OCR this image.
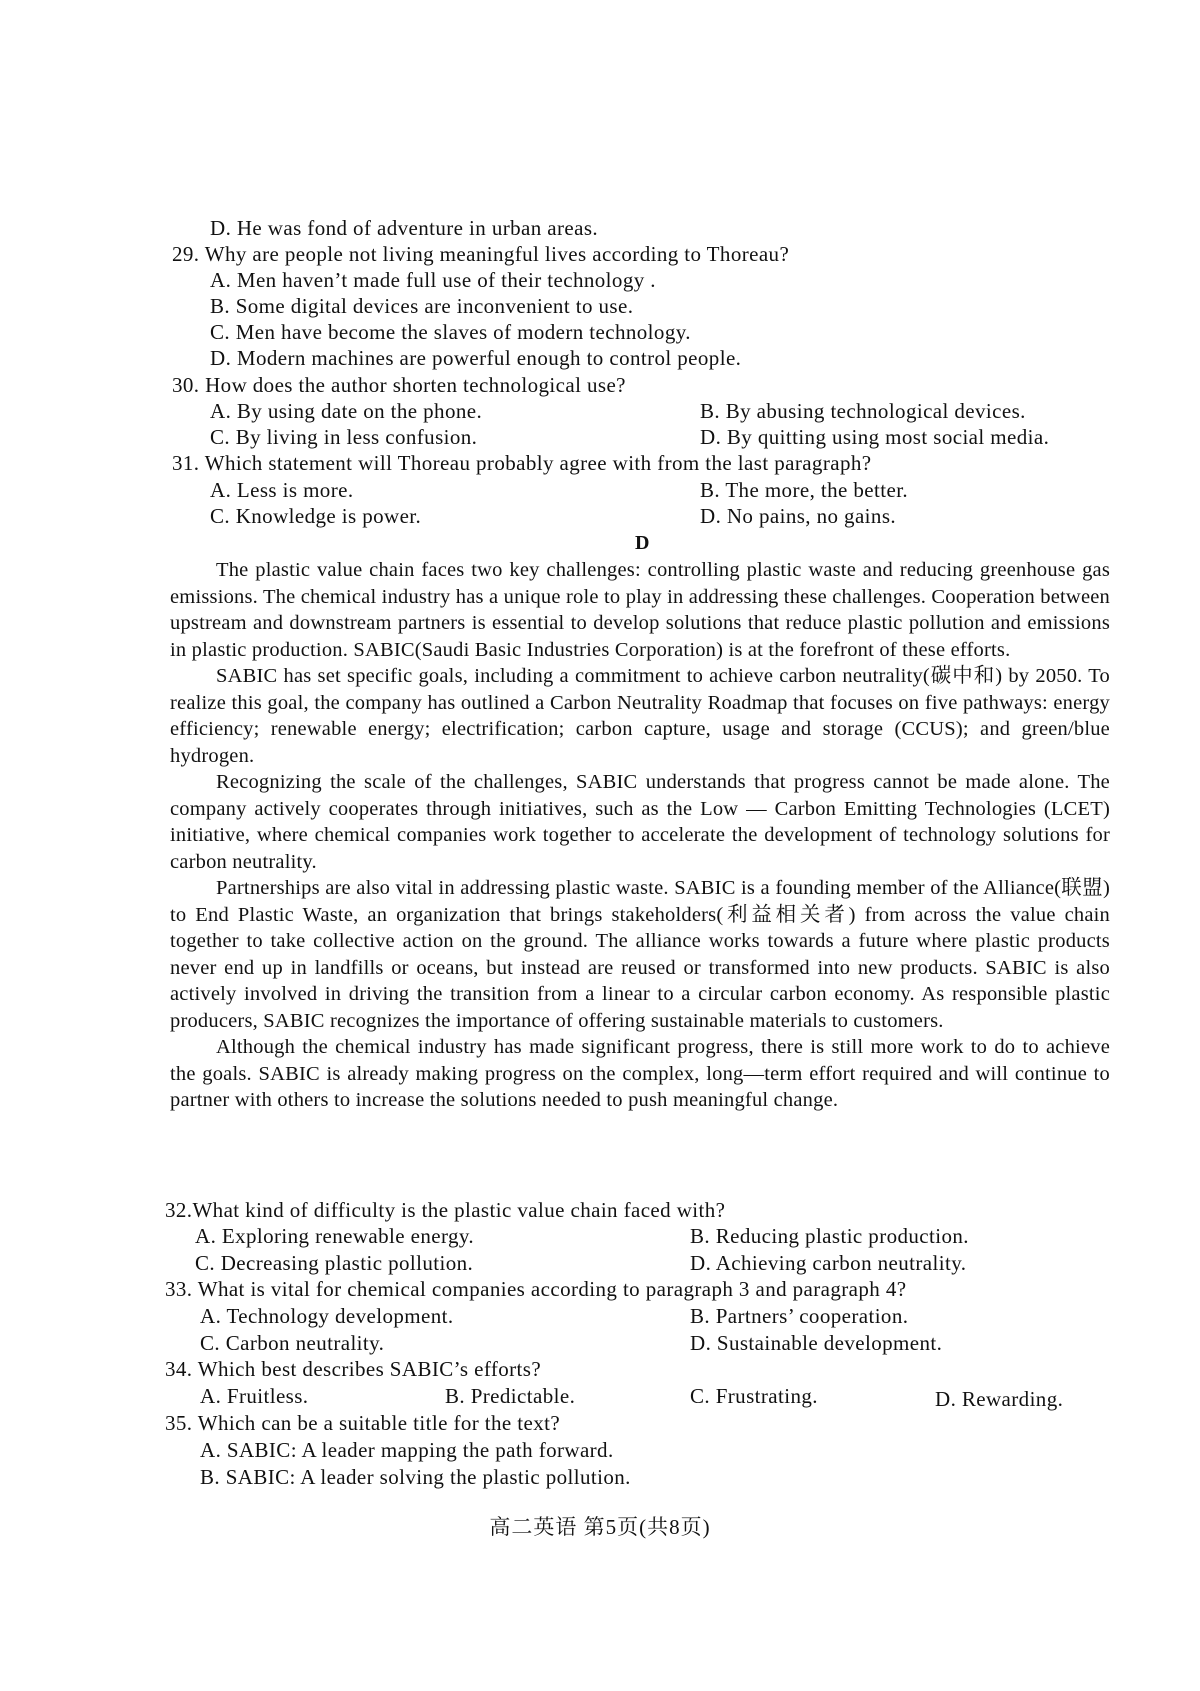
D. He was fond of adventure in urban areas.
29. Why are people not living meaningful lives according to Thoreau?
A. Men haven’t made full use of their technology .
B. Some digital devices are inconvenient to use.
C. Men have become the slaves of modern technology.
D. Modern machines are powerful enough to control people.
30. How does the author shorten technological use?
A. By using date on the phone.	B. By abusing technological devices.
C. By living in less confusion.	D. By quitting using most social media.
31. Which statement will Thoreau probably agree with from the last paragraph?
A. Less is more.	B. The more, the better.
C. Knowledge is power.	D. No pains, no gains.
D

The plastic value chain faces two key challenges: controlling plastic waste and reducing greenhouse gas emissions. The chemical industry has a unique role to play in addressing these challenges. Cooperation between upstream and downstream partners is essential to develop solutions that reduce plastic pollution and emissions in plastic production. SABIC(Saudi Basic Industries Corporation) is at the forefront of these efforts.

SABIC has set specific goals, including a commitment to achieve carbon neutrality(碳中和) by 2050. To realize this goal, the company has outlined a Carbon Neutrality Roadmap that focuses on five pathways: energy efficiency; renewable energy; electrification; carbon capture, usage and storage (CCUS); and green/blue hydrogen.

Recognizing the scale of the challenges, SABIC understands that progress cannot be made alone. The company actively cooperates through initiatives, such as the Low — Carbon Emitting Technologies (LCET) initiative, where chemical companies work together to accelerate the development of technology solutions for carbon neutrality.

Partnerships are also vital in addressing plastic waste. SABIC is a founding member of the Alliance(联盟) to End Plastic Waste, an organization that brings stakeholders(利益相关者) from across the value chain together to take collective action on the ground. The alliance works towards a future where plastic products never end up in landfills or oceans, but instead are reused or transformed into new products. SABIC is also actively involved in driving the transition from a linear to a circular carbon economy. As responsible plastic producers, SABIC recognizes the importance of offering sustainable materials to customers.

Although the chemical industry has made significant progress, there is still more work to do to achieve the goals. SABIC is already making progress on the complex, long—term effort required and will continue to partner with others to increase the solutions needed to push meaningful change.

32.What kind of difficulty is the plastic value chain faced with?
A. Exploring renewable energy.	B. Reducing plastic production.
C. Decreasing plastic pollution.	D. Achieving carbon neutrality.
33. What is vital for chemical companies according to paragraph 3 and paragraph 4?
A. Technology development.	B. Partners’ cooperation.
C. Carbon neutrality.	D. Sustainable development.
34. Which best describes SABIC’s efforts?
A. Fruitless.	B. Predictable.	C. Frustrating.	D. Rewarding.
35. Which can be a suitable title for the text?
A. SABIC: A leader mapping the path forward.
B. SABIC: A leader solving the plastic pollution.
高二英语 第5页(共8页)
